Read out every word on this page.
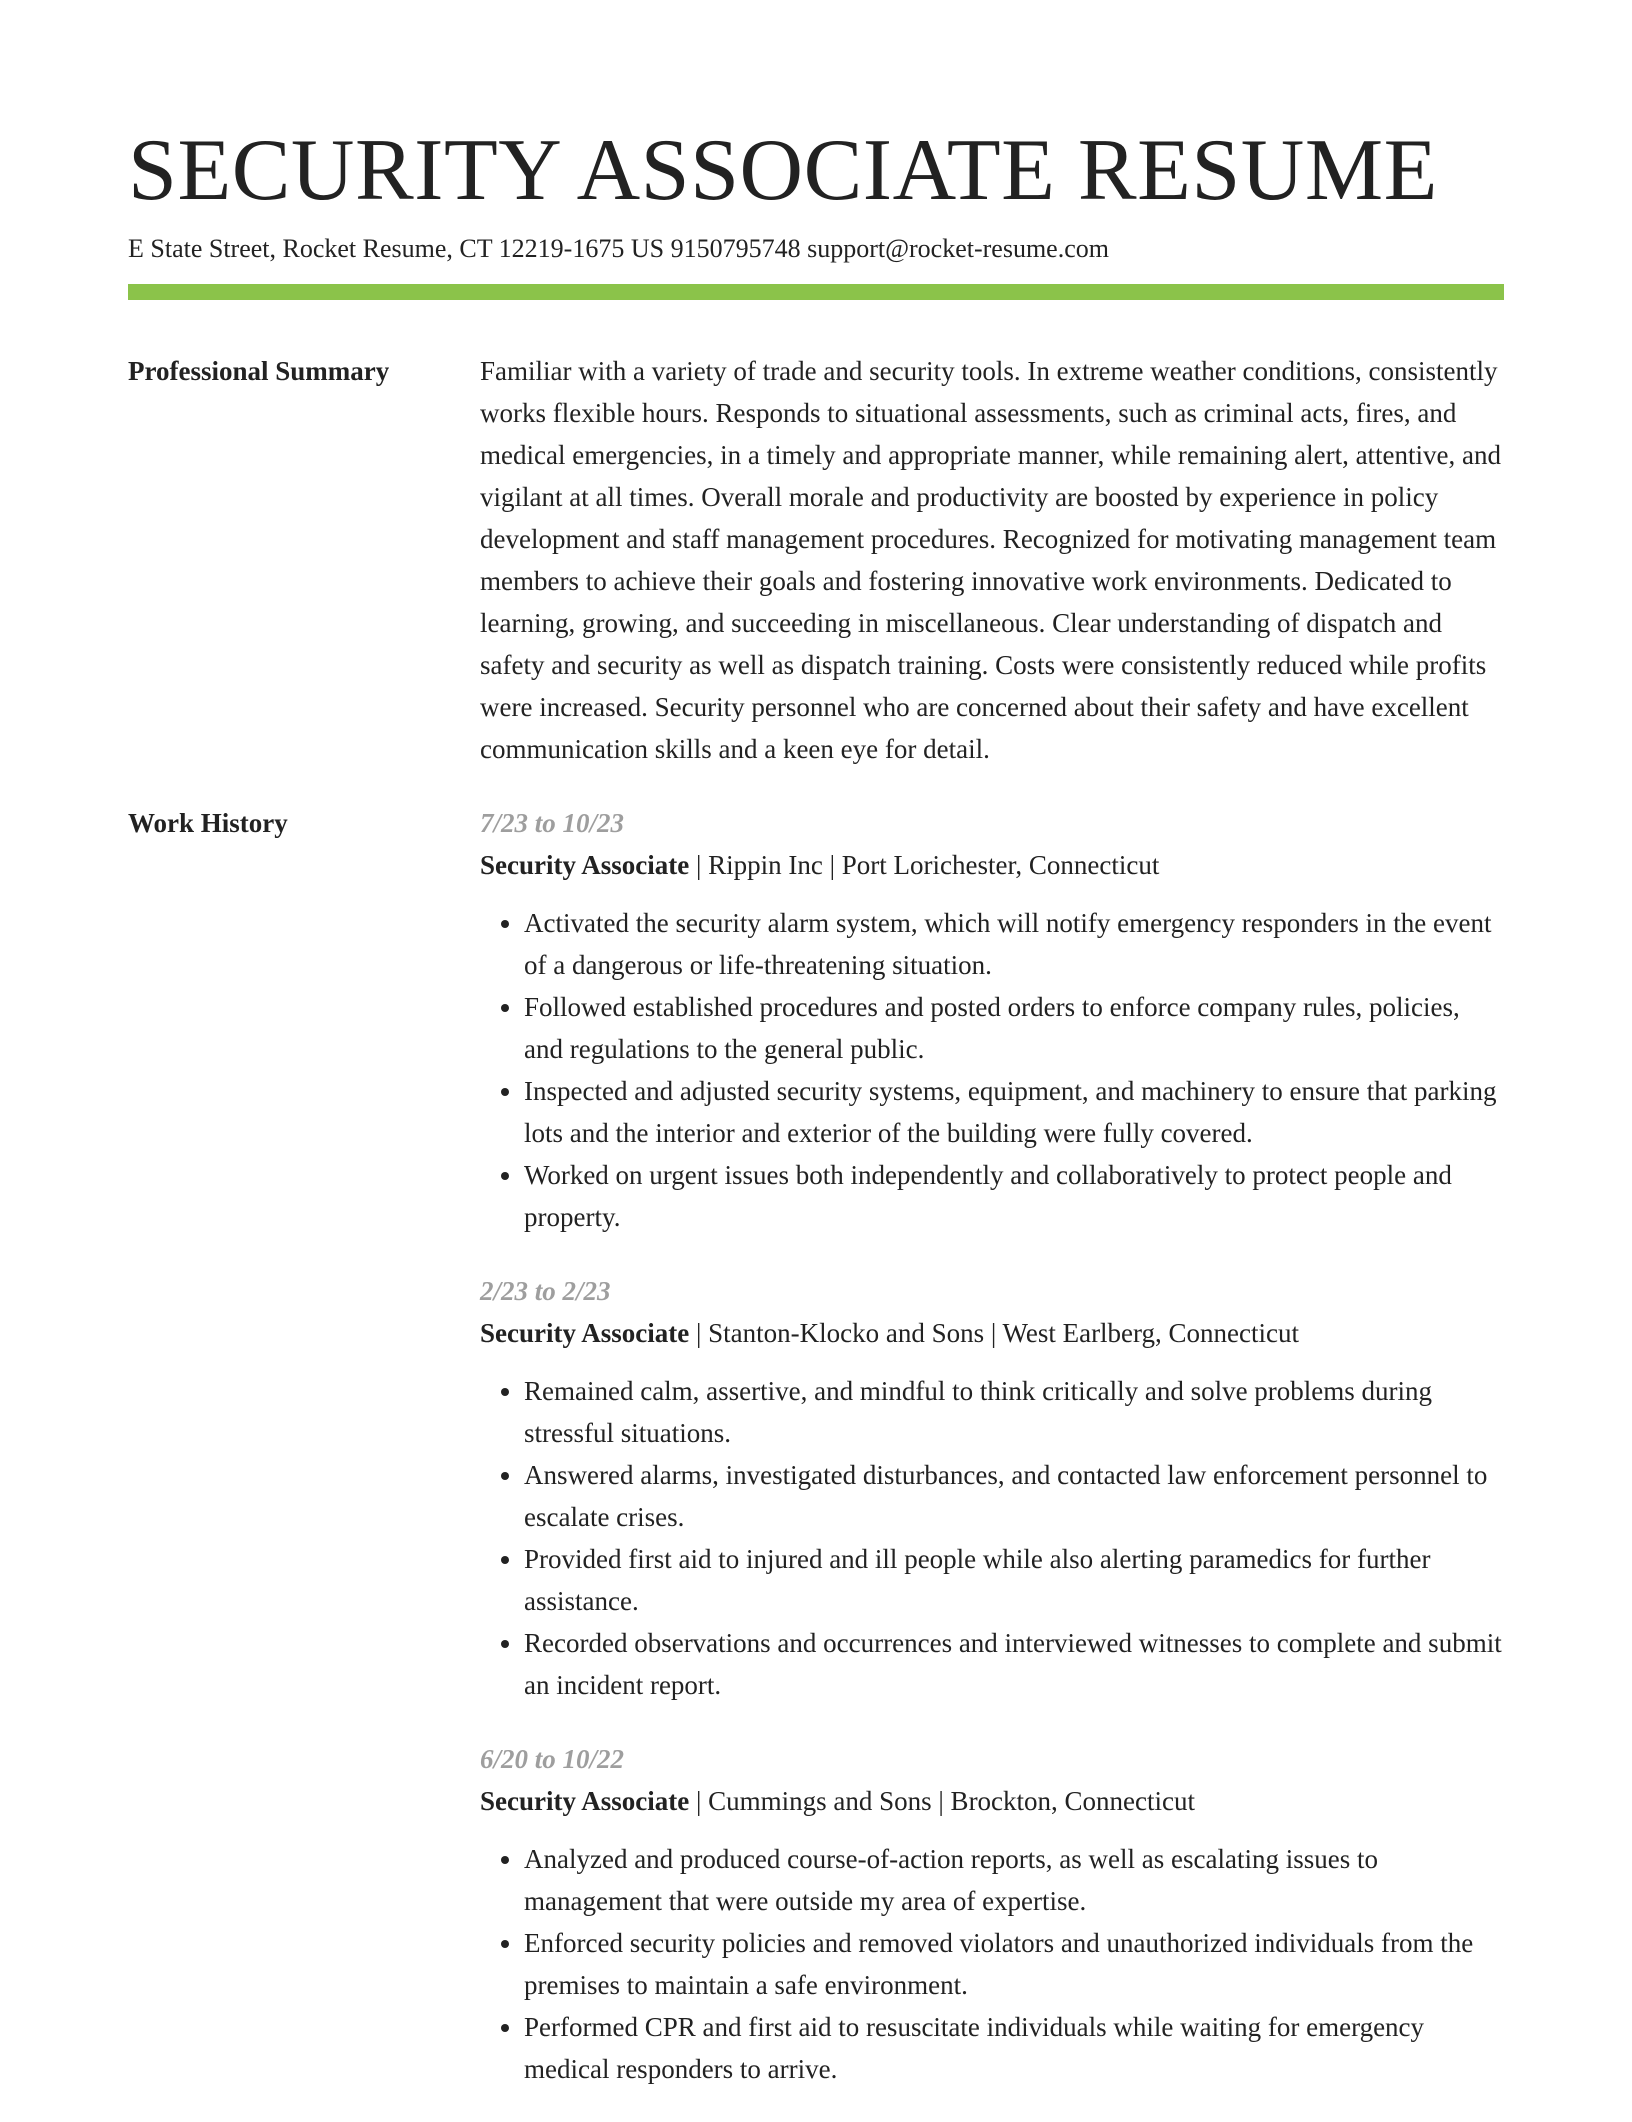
SECURITY ASSOCIATE RESUME
E State Street, Rocket Resume, CT 12219-1675 US 9150795748 support@rocket-resume.com
Professional Summary	Familiar with a variety of trade and security tools. In extreme weather conditions, consistently works flexible hours. Responds to situational assessments, such as criminal acts, fires, and medical emergencies, in a timely and appropriate manner, while remaining alert, attentive, and vigilant at all times. Overall morale and productivity are boosted by experience in policy development and staff management procedures. Recognized for motivating management team members to achieve their goals and fostering innovative work environments. Dedicated to learning, growing, and succeeding in miscellaneous. Clear understanding of dispatch and safety and security as well as dispatch training. Costs were consistently reduced while profits were increased. Security personnel who are concerned about their safety and have excellent communication skills and a keen eye for detail.

Work History	7/23 to 10/23
Security Associate | Rippin Inc | Port Lorichester, Connecticut
• Activated the security alarm system, which will notify emergency responders in the event of a dangerous or life-threatening situation.
• Followed established procedures and posted orders to enforce company rules, policies, and regulations to the general public.
• Inspected and adjusted security systems, equipment, and machinery to ensure that parking lots and the interior and exterior of the building were fully covered.
• Worked on urgent issues both independently and collaboratively to protect people and property.
2/23 to 2/23
Security Associate | Stanton-Klocko and Sons | West Earlberg, Connecticut
• Remained calm, assertive, and mindful to think critically and solve problems during stressful situations.
• Answered alarms, investigated disturbances, and contacted law enforcement personnel to escalate crises.
• Provided first aid to injured and ill people while also alerting paramedics for further assistance.
• Recorded observations and occurrences and interviewed witnesses to complete and submit an incident report.
6/20 to 10/22
Security Associate | Cummings and Sons | Brockton, Connecticut
• Analyzed and produced course-of-action reports, as well as escalating issues to management that were outside my area of expertise.
• Enforced security policies and removed violators and unauthorized individuals from the premises to maintain a safe environment.
• Performed CPR and first aid to resuscitate individuals while waiting for emergency medical responders to arrive.
